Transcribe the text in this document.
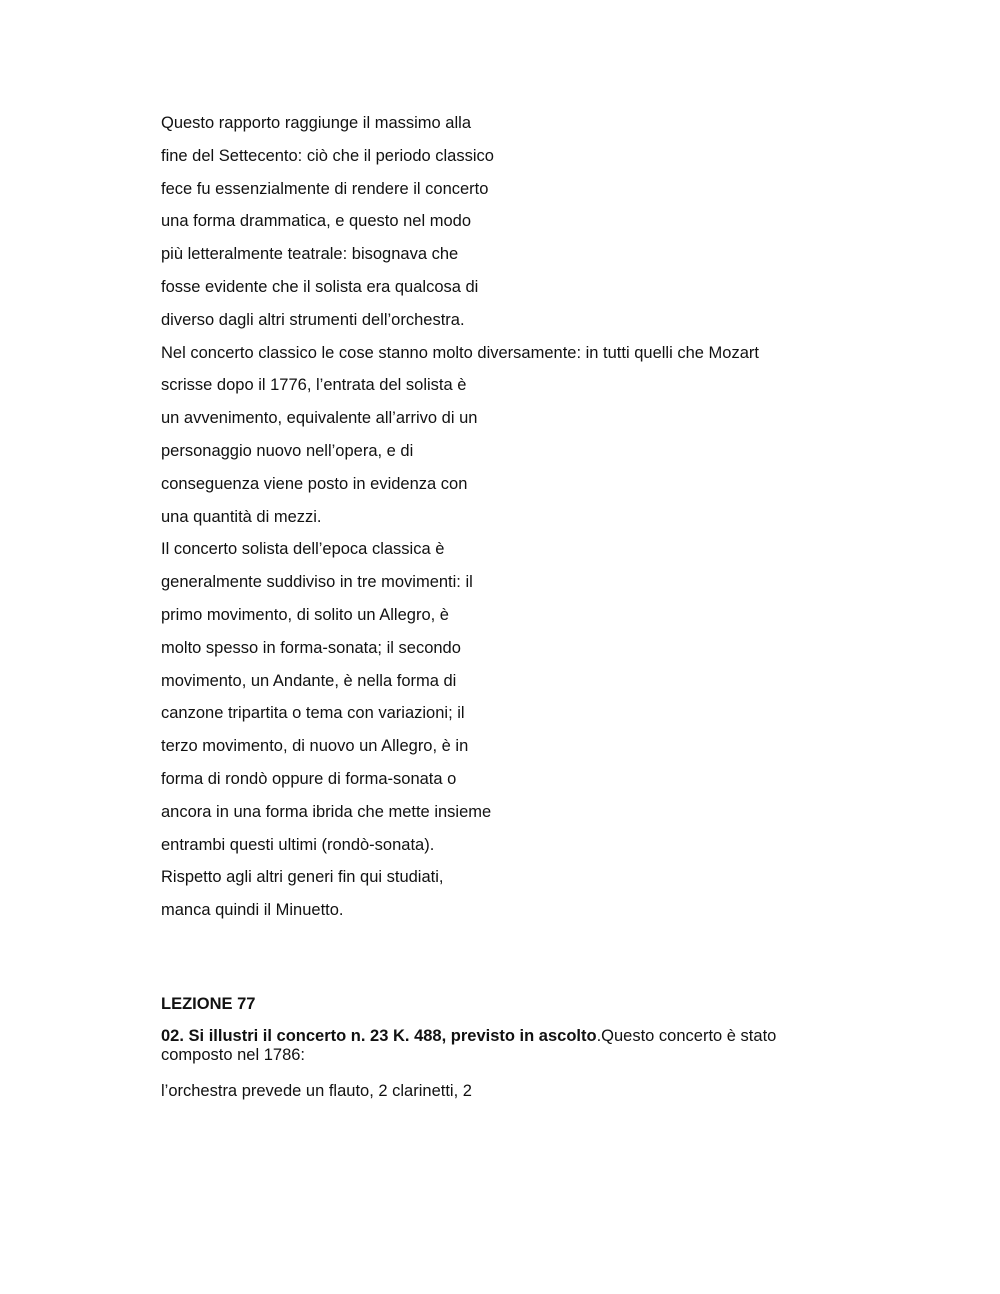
Questo rapporto raggiunge il massimo alla
fine del Settecento: ciò che il periodo classico
fece fu essenzialmente di rendere il concerto
una forma drammatica, e questo nel modo
più letteralmente teatrale: bisognava che
fosse evidente che il solista era qualcosa di
diverso dagli altri strumenti dell’orchestra.
Nel concerto classico le cose stanno molto diversamente: in tutti quelli che Mozart
scrisse dopo il 1776, l’entrata del solista è
un avvenimento, equivalente all’arrivo di un
personaggio nuovo nell’opera, e di
conseguenza viene posto in evidenza con
una quantità di mezzi.
Il concerto solista dell’epoca classica è
generalmente suddiviso in tre movimenti: il
primo movimento, di solito un Allegro, è
molto spesso in forma-sonata; il secondo
movimento, un Andante, è nella forma di
canzone tripartita o tema con variazioni; il
terzo movimento, di nuovo un Allegro, è in
forma di rondò oppure di forma-sonata o
ancora in una forma ibrida che mette insieme
entrambi questi ultimi (rondò-sonata).
Rispetto agli altri generi fin qui studiati,
manca quindi il Minuetto.
LEZIONE 77
02. Si illustri il concerto n. 23 K. 488, previsto in ascolto.Questo concerto è stato composto nel 1786:
l’orchestra prevede un flauto, 2 clarinetti, 2
